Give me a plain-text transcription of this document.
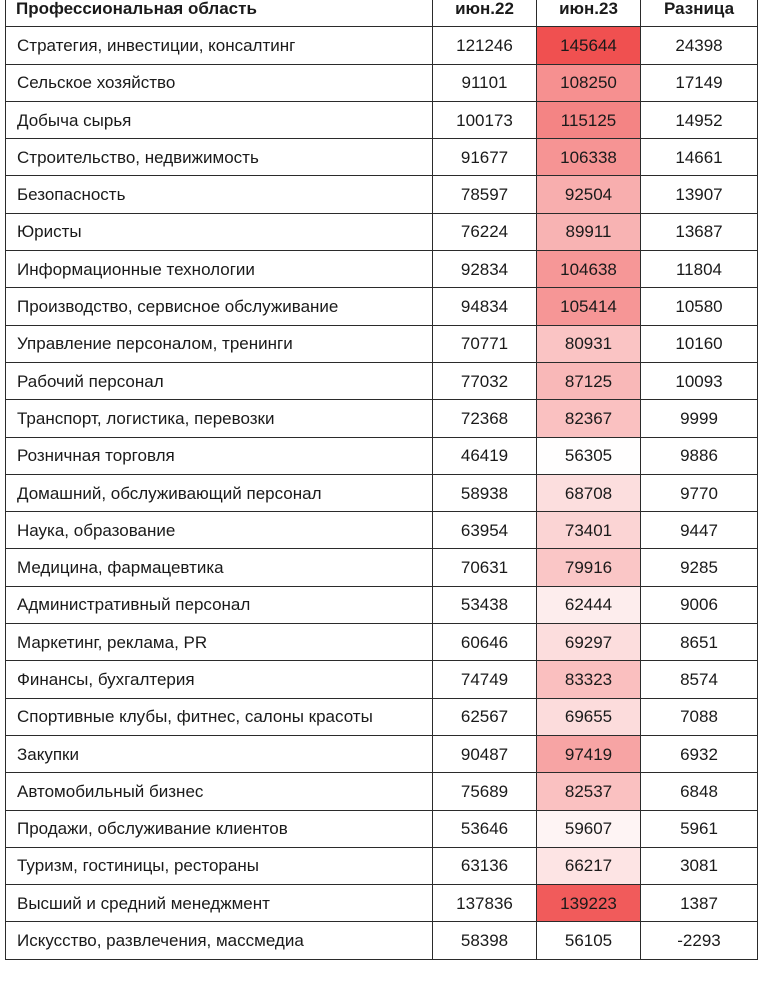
Профессиональная область	июн.22	июн.23	Разница
Стратегия, инвестиции, консалтинг	121246	145644	24398
Сельское хозяйство	91101	108250	17149
Добыча сырья	100173	115125	14952
Строительство, недвижимость	91677	106338	14661
Безопасность	78597	92504	13907
Юристы	76224	89911	13687
Информационные технологии	92834	104638	11804
Производство, сервисное обслуживание	94834	105414	10580
Управление персоналом, тренинги	70771	80931	10160
Рабочий персонал	77032	87125	10093
Транспорт, логистика, перевозки	72368	82367	9999
Розничная торговля	46419	56305	9886
Домашний, обслуживающий персонал	58938	68708	9770
Наука, образование	63954	73401	9447
Медицина, фармацевтика	70631	79916	9285
Административный персонал	53438	62444	9006
Маркетинг, реклама, PR	60646	69297	8651
Финансы, бухгалтерия	74749	83323	8574
Спортивные клубы, фитнес, салоны красоты	62567	69655	7088
Закупки	90487	97419	6932
Автомобильный бизнес	75689	82537	6848
Продажи, обслуживание клиентов	53646	59607	5961
Туризм, гостиницы, рестораны	63136	66217	3081
Высший и средний менеджмент	137836	139223	1387
Искусство, развлечения, массмедиа	58398	56105	-2293
